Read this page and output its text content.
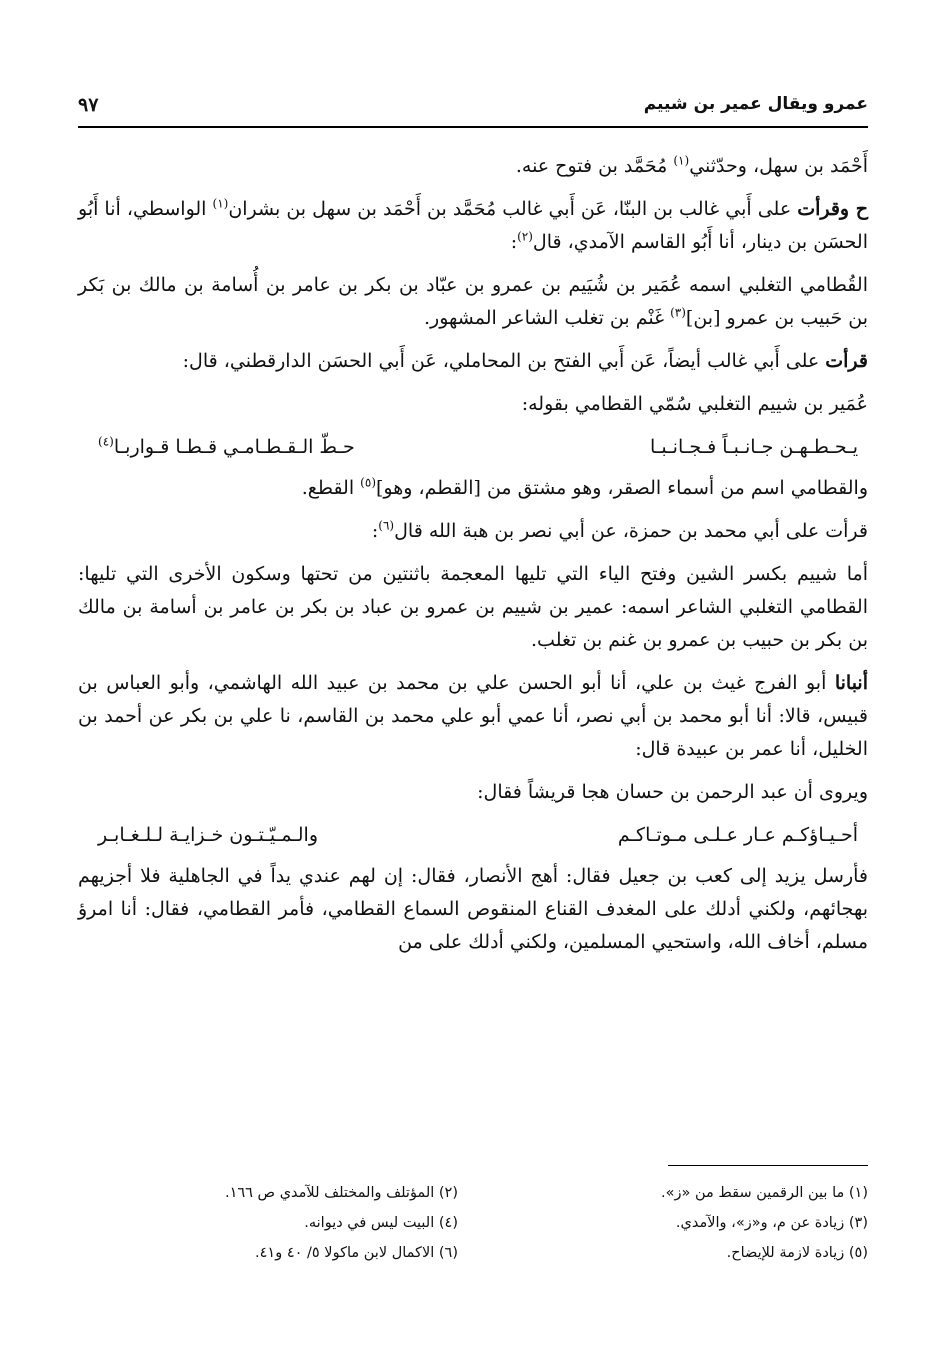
عمرو ويقال عمير بن شييم
٩٧

أَحْمَد بن سهل، وحدّثني$^{(١)}$ مُحَمَّد بن فتوح عنه.

ح وقرأت على أَبي غالب بن البنّا، عَن أَبي غالب مُحَمَّد بن أَحْمَد بن سهل بن بشران$^{(١)}$ الواسطي، أنا أَبُو الحسَن بن دينار، أنا أَبُو القاسم الآمدي، قال$^{(٢)}$:

القُطامي التغلبي اسمه عُمَير بن شُيَيم بن عمرو بن عبّاد بن بكر بن عامر بن أُسامة بن مالك بن بَكر بن حَبيب بن عمرو [بن]$^{(٣)}$ غَنْم بن تغلب الشاعر المشهور.

قرأت على أَبي غالب أيضاً، عَن أَبي الفتح بن المحاملي، عَن أَبي الحسَن الدارقطني، قال:

عُمَير بن شييم التغلبي سُمّي القطامي بقوله:

يـحـطـهـن جـانـبـاً فـجـانـبـا
حـطّ الـقـطـامـي قـطـا قـواربـا$^{(٤)}$

والقطامي اسم من أسماء الصقر، وهو مشتق من [القطم، وهو]$^{(٥)}$ القطع.

قرأت على أبي محمد بن حمزة، عن أبي نصر بن هبة الله قال$^{(٦)}$:

أما شييم بكسر الشين وفتح الياء التي تليها المعجمة باثنتين من تحتها وسكون الأخرى التي تليها: القطامي التغلبي الشاعر اسمه: عمير بن شييم بن عمرو بن عباد بن بكر بن عامر بن أسامة بن مالك بن بكر بن حبيب بن عمرو بن غنم بن تغلب.

أنبانا أبو الفرج غيث بن علي، أنا أبو الحسن علي بن محمد بن عبيد الله الهاشمي، وأبو العباس بن قبيس، قالا: أنا أبو محمد بن أبي نصر، أنا عمي أبو علي محمد بن القاسم، نا علي بن بكر عن أحمد بن الخليل، أنا عمر بن عبيدة قال:

ويروى أن عبد الرحمن بن حسان هجا قريشاً فقال:

أحـيـاؤكـم عـار عـلـى مـوتـاكـم
والـمـيّـتـون خـزايـة لـلـغـابـر

فأرسل يزيد إلى كعب بن جعيل فقال: أهج الأنصار، فقال: إن لهم عندي يداً في الجاهلية فلا أجزيهم بهجائهم، ولكني أدلك على المغدف القناع المنقوص السماع القطامي، فأمر القطامي، فقال: أنا امرؤ مسلم، أخاف الله، واستحيي المسلمين، ولكني أدلك على من

(١) ما بين الرقمين سقط من «ز».
(٢) المؤتلف والمختلف للآمدي ص ١٦٦.
(٣) زيادة عن م، و«ز»، والآمدي.
(٤) البيت ليس في ديوانه.
(٥) زيادة لازمة للإيضاح.
(٦) الاكمال لابن ماكولا ٥/ ٤٠ و٤١.
